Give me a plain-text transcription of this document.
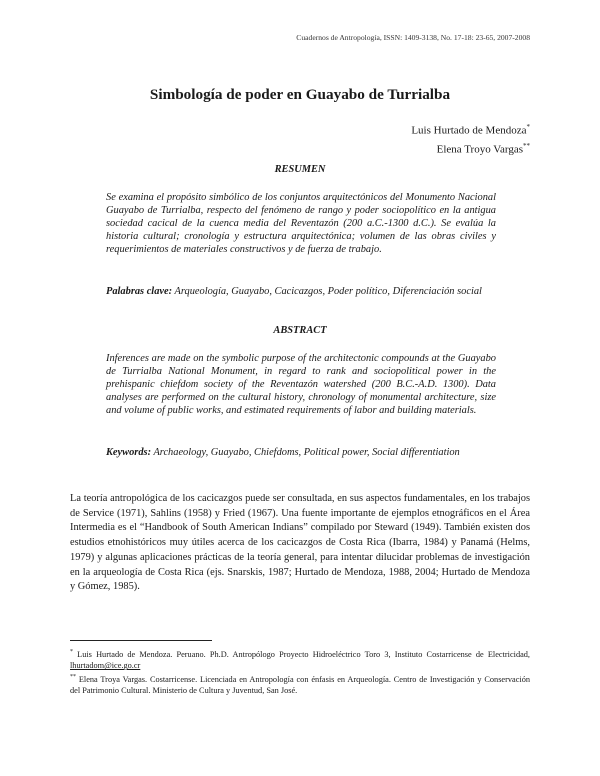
Cuadernos de Antropología, ISSN: 1409-3138, No. 17-18: 23-65, 2007-2008
Simbología de poder en Guayabo de Turrialba
Luis Hurtado de Mendoza*
Elena Troyo Vargas**
RESUMEN
Se examina el propósito simbólico de los conjuntos arquitectónicos del Monumento Nacional Guayabo de Turrialba, respecto del fenómeno de rango y poder sociopolítico en la antigua sociedad cacical de la cuenca media del Reventazón (200 a.C.-1300 d.C.). Se evalúa la historia cultural; cronología y estructura arquitectónica; volumen de las obras civiles y requerimientos de materiales constructivos y de fuerza de trabajo.
Palabras clave: Arqueología, Guayabo, Cacicazgos, Poder político, Diferenciación social
ABSTRACT
Inferences are made on the symbolic purpose of the architectonic compounds at the Guayabo de Turrialba National Monument, in regard to rank and sociopolitical power in the prehispanic chiefdom society of the Reventazón watershed (200 B.C.-A.D. 1300). Data analyses are performed on the cultural history, chronology of monumental architecture, size and volume of public works, and estimated requirements of labor and building materials.
Keywords: Archaeology, Guayabo, Chiefdoms, Political power, Social differentiation
La teoría antropológica de los cacicazgos puede ser consultada, en sus aspectos fundamentales, en los trabajos de Service (1971), Sahlins (1958) y Fried (1967). Una fuente importante de ejemplos etnográficos en el Área Intermedia es el “Handbook of South American Indians” compilado por Steward (1949). También existen dos estudios etnohistóricos muy útiles acerca de los cacicazgos de Costa Rica (Ibarra, 1984) y Panamá (Helms, 1979) y algunas aplicaciones prácticas de la teoría general, para intentar dilucidar problemas de investigación en la arqueología de Costa Rica (ejs. Snarskis, 1987; Hurtado de Mendoza, 1988, 2004; Hurtado de Mendoza y Gómez, 1985).
* Luis Hurtado de Mendoza. Peruano. Ph.D. Antropólogo Proyecto Hidroeléctrico Toro 3, Instituto Costarricense de Electricidad, lhurtadom@ice.go.cr
** Elena Troya Vargas. Costarricense. Licenciada en Antropología con énfasis en Arqueología. Centro de Investigación y Conservación del Patrimonio Cultural. Ministerio de Cultura y Juventud, San José.
